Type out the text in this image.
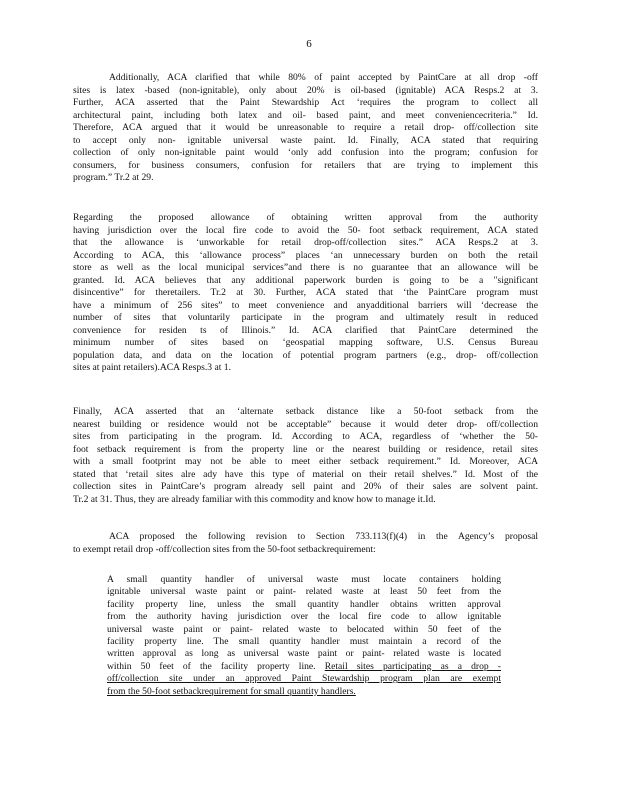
6
Additionally, ACA clarified that while 80% of paint accepted by PaintCare at all drop -off
sites is latex -based (non-ignitable), only about 20% is oil-based (ignitable) ACA Resps.2 at 3.
Further, ACA asserted that the Paint Stewardship Act ‘requires the program to collect all
architectural paint, including both latex and oil- based paint, and meet conveniencecriteria.” Id.
Therefore, ACA argued that it would be unreasonable to require a retail drop- off/collection site
to accept only non- ignitable universal waste paint. Id. Finally, ACA stated that requiring
collection of only non-ignitable paint would ‘only add confusion into the program; confusion for
consumers, for business consumers, confusion for retailers that are trying to implement this
program.” Tr.2 at 29.
Regarding the proposed allowance of obtaining written approval from the authority
having jurisdiction over the local fire code to avoid the 50- foot setback requirement, ACA stated
that the allowance is ‘unworkable for retail drop-off/collection sites.” ACA Resps.2 at 3.
According to ACA, this ‘allowance process” places ‘an unnecessary burden on both the retail
store as well as the local municipal services”and there is no guarantee that an allowance will be
granted. Id. ACA believes that any additional paperwork burden is going to be a "significant
disincentive” for theretailers. Tr.2 at 30. Further, ACA stated that ‘the PaintCare program must
have a minimum of 256 sites” to meet convenience and anyadditional barriers will ‘decrease the
number of sites that voluntarily participate in the program and ultimately result in reduced
convenience for residen ts of Illinois.” Id. ACA clarified that PaintCare determined the
minimum number of sites based on ‘geospatial mapping software, U.S. Census Bureau
population data, and data on the location of potential program partners (e.g., drop- off/collection
sites at paint retailers).ACA Resps.3 at 1.
Finally, ACA asserted that an ‘alternate setback distance like a 50-foot setback from the
nearest building or residence would not be acceptable” because it would deter drop- off/collection
sites from participating in the program. Id. According to ACA, regardless of ‘whether the 50-
foot setback requirement is from the property line or the nearest building or residence, retail sites
with a small footprint may not be able to meet either setback requirement.” Id. Moreover, ACA
stated that ‘retail sites alre ady have this type of material on their retail shelves.” Id. Most of the
collection sites in PaintCare’s program already sell paint and 20% of their sales are solvent paint.
Tr.2 at 31. Thus, they are already familiar with this commodity and know how to manage it.Id.
ACA proposed the following revision to Section 733.113(f)(4) in the Agency’s proposal
to exempt retail drop -off/collection sites from the 50-foot setbackrequirement:
A small quantity handler of universal waste must locate containers holding
ignitable universal waste paint or paint- related waste at least 50 feet from the
facility property line, unless the small quantity handler obtains written approval
from the authority having jurisdiction over the local fire code to allow ignitable
universal waste paint or paint- related waste to belocated within 50 feet of the
facility property line. The small quantity handler must maintain a record of the
written approval as long as universal waste paint or paint- related waste is located
within 50 feet of the facility property line. Retail sites participating as a drop -
off/collection site under an approved Paint Stewardship program plan are exempt
from the 50-foot setbackrequirement for small quantity handlers.
